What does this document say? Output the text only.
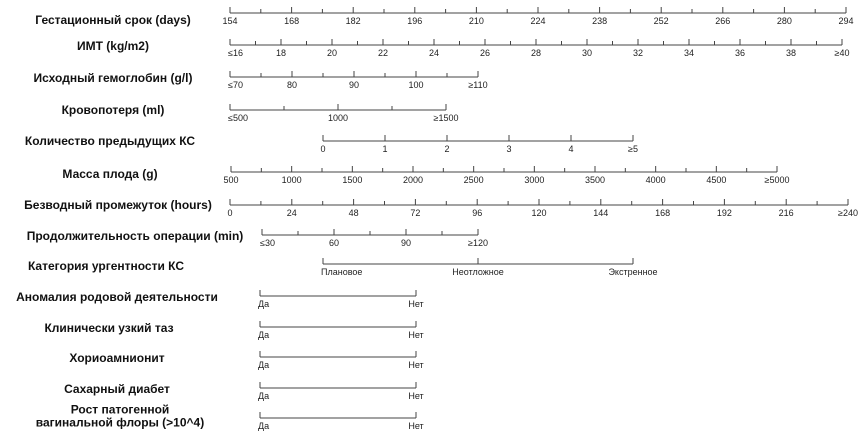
Гестационный срок (days)	154	168	182	196	210	224	238	252	266	280	294
ИМТ (kg/m2)	≤16	18	20	22	24	26	28	30	32	34	36	38	≥40
Исходный гемоглобин (g/l)	≤70	80	90	100	≥110
Кровопотеря (ml)
≤500	1000	≥1500
Количество предыдущих КС
0	1	2	3	4	≥5
Масса плода (g)	500	1000	1500	2000	2500	3000	3500	4000	4500	≥5000
Безводный промежуток (hours)
0	24	48	72	96	120	144	168	192	216	≥240
Продолжительность операции (min) ≤30	60	90	≥120
Категория ургентности КС	Плановое	Неотложное	Экстренное
Аномалия родовой деятельности	Да	Нет
Клинически узкий таз	Да	Нет
Хориоамнионит	Да	Нет
Сахарный диабет	Да	Нет
Рост патогенной
вагинальной флоры (>10^4)	Да	Нет
